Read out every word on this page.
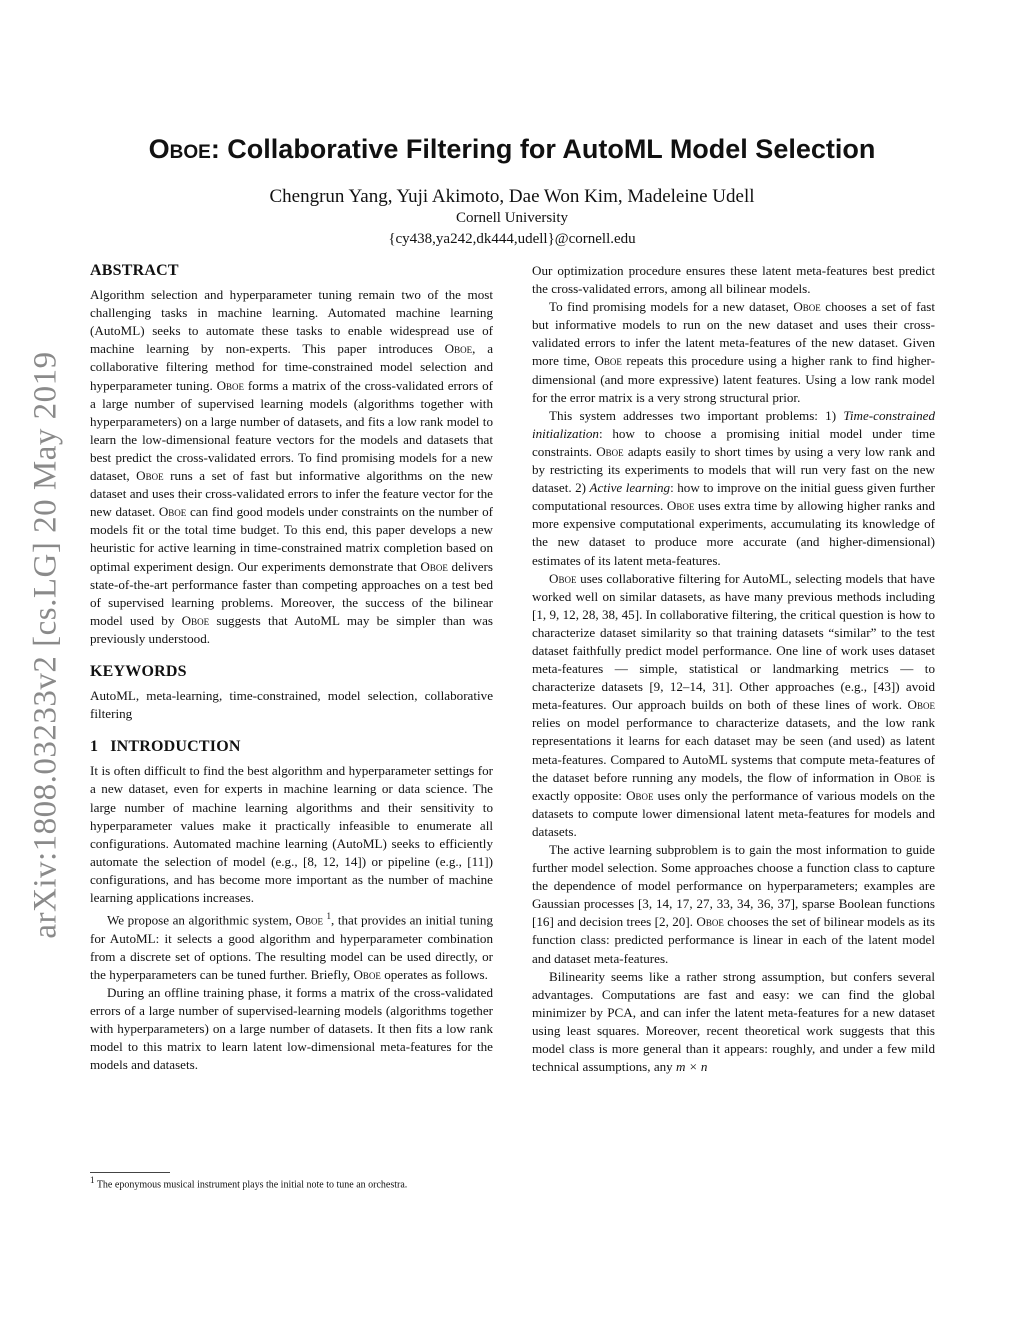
arXiv:1808.03233v2 [cs.LG] 20 May 2019
Oboe: Collaborative Filtering for AutoML Model Selection
Chengrun Yang, Yuji Akimoto, Dae Won Kim, Madeleine Udell
Cornell University
{cy438,ya242,dk444,udell}@cornell.edu
ABSTRACT

Algorithm selection and hyperparameter tuning remain two of the most challenging tasks in machine learning. Automated machine learning (AutoML) seeks to automate these tasks to enable widespread use of machine learning by non-experts. This paper introduces Oboe, a collaborative filtering method for time-constrained model selection and hyperparameter tuning. Oboe forms a matrix of the cross-validated errors of a large number of supervised learning models (algorithms together with hyperparameters) on a large number of datasets, and fits a low rank model to learn the low-dimensional feature vectors for the models and datasets that best predict the cross-validated errors. To find promising models for a new dataset, Oboe runs a set of fast but informative algorithms on the new dataset and uses their cross-validated errors to infer the feature vector for the new dataset. Oboe can find good models under constraints on the number of models fit or the total time budget. To this end, this paper develops a new heuristic for active learning in time-constrained matrix completion based on optimal experiment design. Our experiments demonstrate that Oboe delivers state-of-the-art performance faster than competing approaches on a test bed of supervised learning problems. Moreover, the success of the bilinear model used by Oboe suggests that AutoML may be simpler than was previously understood.

KEYWORDS

AutoML, meta-learning, time-constrained, model selection, collaborative filtering

1 INTRODUCTION

It is often difficult to find the best algorithm and hyperparameter settings for a new dataset, even for experts in machine learning or data science. The large number of machine learning algorithms and their sensitivity to hyperparameter values make it practically infeasible to enumerate all configurations. Automated machine learning (AutoML) seeks to efficiently automate the selection of model (e.g., [8, 12, 14]) or pipeline (e.g., [11]) configurations, and has become more important as the number of machine learning applications increases.

We propose an algorithmic system, Oboe $^1$, that provides an initial tuning for AutoML: it selects a good algorithm and hyperparameter combination from a discrete set of options. The resulting model can be used directly, or the hyperparameters can be tuned further. Briefly, Oboe operates as follows.

During an offline training phase, it forms a matrix of the cross-validated errors of a large number of supervised-learning models (algorithms together with hyperparameters) on a large number of datasets. It then fits a low rank model to this matrix to learn latent low-dimensional meta-features for the models and datasets.

Our optimization procedure ensures these latent meta-features best predict the cross-validated errors, among all bilinear models.

To find promising models for a new dataset, Oboe chooses a set of fast but informative models to run on the new dataset and uses their cross-validated errors to infer the latent meta-features of the new dataset. Given more time, Oboe repeats this procedure using a higher rank to find higher-dimensional (and more expressive) latent features. Using a low rank model for the error matrix is a very strong structural prior.

This system addresses two important problems: 1) Time-constrained initialization: how to choose a promising initial model under time constraints. Oboe adapts easily to short times by using a very low rank and by restricting its experiments to models that will run very fast on the new dataset. 2) Active learning: how to improve on the initial guess given further computational resources. Oboe uses extra time by allowing higher ranks and more expensive computational experiments, accumulating its knowledge of the new dataset to produce more accurate (and higher-dimensional) estimates of its latent meta-features.

Oboe uses collaborative filtering for AutoML, selecting models that have worked well on similar datasets, as have many previous methods including [1, 9, 12, 28, 38, 45]. In collaborative filtering, the critical question is how to characterize dataset similarity so that training datasets “similar” to the test dataset faithfully predict model performance. One line of work uses dataset meta-features — simple, statistical or landmarking metrics — to characterize datasets [9, 12–14, 31]. Other approaches (e.g., [43]) avoid meta-features. Our approach builds on both of these lines of work. Oboe relies on model performance to characterize datasets, and the low rank representations it learns for each dataset may be seen (and used) as latent meta-features. Compared to AutoML systems that compute meta-features of the dataset before running any models, the flow of information in Oboe is exactly opposite: Oboe uses only the performance of various models on the datasets to compute lower dimensional latent meta-features for models and datasets.

The active learning subproblem is to gain the most information to guide further model selection. Some approaches choose a function class to capture the dependence of model performance on hyperparameters; examples are Gaussian processes [3, 14, 17, 27, 33, 34, 36, 37], sparse Boolean functions [16] and decision trees [2, 20]. Oboe chooses the set of bilinear models as its function class: predicted performance is linear in each of the latent model and dataset meta-features.

Bilinearity seems like a rather strong assumption, but confers several advantages. Computations are fast and easy: we can find the global minimizer by PCA, and can infer the latent meta-features for a new dataset using least squares. Moreover, recent theoretical work suggests that this model class is more general than it appears: roughly, and under a few mild technical assumptions, any m × n

$^1$ The eponymous musical instrument plays the initial note to tune an orchestra.
